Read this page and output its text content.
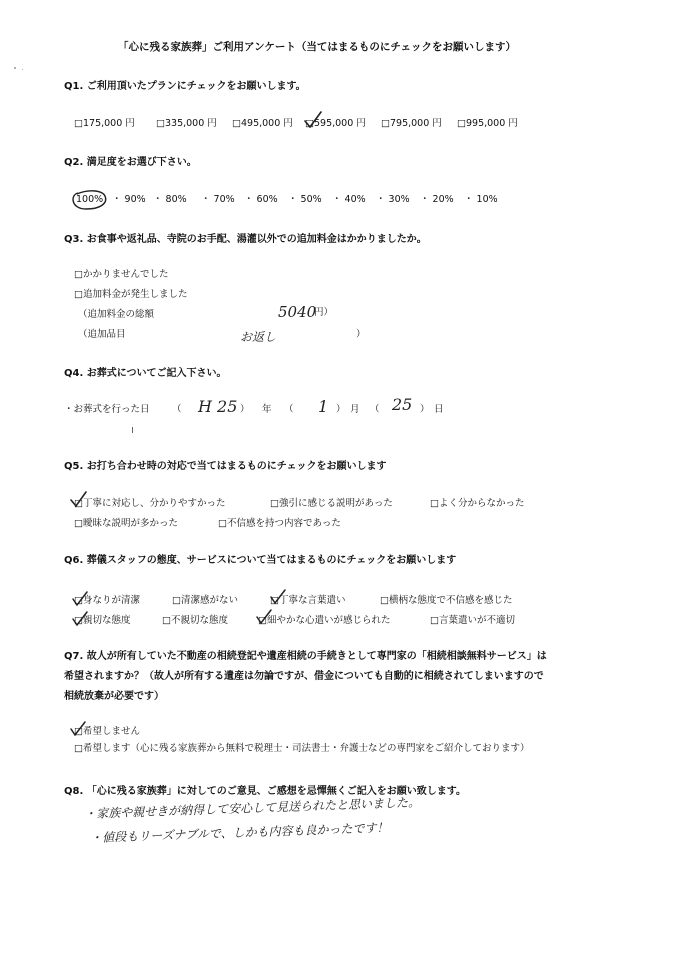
「心に残る家族葬」ご利用アンケート（当てはまるものにチェックをお願いします）
Q1. ご利用頂いたプランにチェックをお願いします。
□175,000 円 □335,000 円 □495,000 円 □595,000 円 □795,000 円 □995,000 円
Q2. 満足度をお選び下さい。
100% ・ 90% ・ 80% ・ 70% ・ 60% ・ 50% ・ 40% ・ 30% ・ 20% ・ 10%
Q3. お食事や返礼品、寺院のお手配、湯灌以外での追加料金はかかりましたか。
□かかりませんでした
□追加料金が発生しました
（追加料金の総額	5040
円）
（追加品目	お返し	）
Q4. お葬式についてご記入下さい。
・お葬式を行った日 （ H 25 ） 年 （ 1 ） 月 （ 25 ） 日
Q5. お打ち合わせ時の対応で当てはまるものにチェックをお願いします
□丁寧に対応し、分かりやすかった	□強引に感じる説明があった	□よく分からなかった
□曖昧な説明が多かった	□不信感を持つ内容であった
Q6. 葬儀スタッフの態度、サービスについて当てはまるものにチェックをお願いします
□身なりが清潔	□清潔感がない	□丁寧な言葉遣い	□横柄な態度で不信感を感じた
□親切な態度	□不親切な態度	□細やかな心遣いが感じられた	□言葉遣いが不適切
Q7. 故人が所有していた不動産の相続登記や遺産相続の手続きとして専門家の「相続相談無料サービス」は
希望されますか？（故人が所有する遺産は勿論ですが、借金についても自動的に相続されてしまいますので
相続放棄が必要です）
□希望しません
□希望します（心に残る家族葬から無料で税理士・司法書士・弁護士などの専門家をご紹介しております）
Q8. 「心に残る家族葬」に対してのご意見、ご感想を忌憚無くご記入をお願い致します。
・家族や親せきが納得して安心して見送られたと思いました。
・値段もリーズナブルで、しかも内容も良かったです！
